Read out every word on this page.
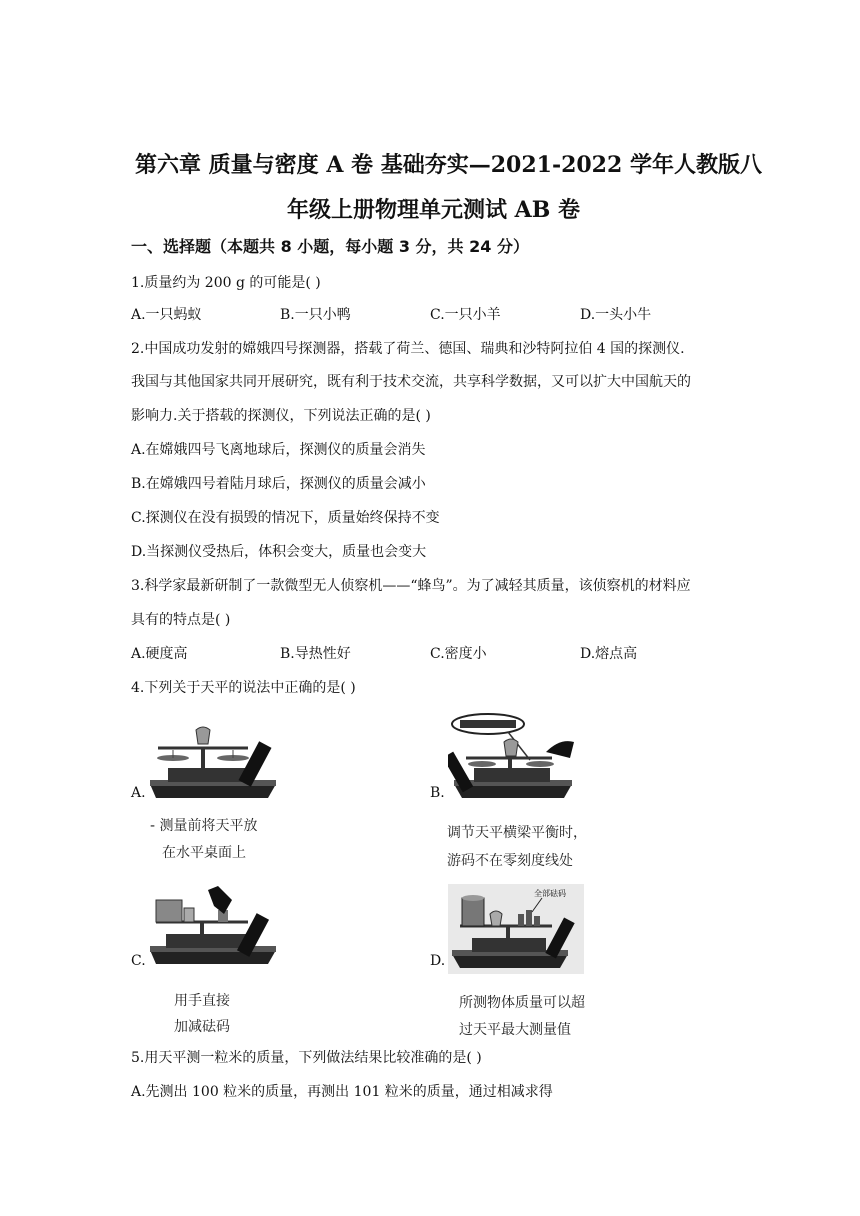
第六章 质量与密度 A 卷 基础夯实—2021-2022 学年人教版八
年级上册物理单元测试 AB 卷
一、选择题（本题共 8 小题，每小题 3 分，共 24 分）
1.质量约为 200 g 的可能是( )
A.一只蚂蚁	B.一只小鸭	C.一只小羊	D.一头小牛
2.中国成功发射的嫦娥四号探测器，搭载了荷兰、德国、瑞典和沙特阿拉伯 4 国的探测仪.
我国与其他国家共同开展研究，既有利于技术交流，共享科学数据，又可以扩大中国航天的
影响力.关于搭载的探测仪，下列说法正确的是( )
A.在嫦娥四号飞离地球后，探测仪的质量会消失
B.在嫦娥四号着陆月球后，探测仪的质量会减小
C.探测仪在没有损毁的情况下，质量始终保持不变
D.当探测仪受热后，体积会变大，质量也会变大
3.科学家最新研制了一款微型无人侦察机——“蜂鸟”。为了减轻其质量，该侦察机的材料应
具有的特点是( )
A.硬度高	B.导热性好	C.密度小	D.熔点高
4.下列关于天平的说法中正确的是( )
A.
- 测量前将天平放
在水平桌面上
B.
调节天平横梁平衡时，
游码不在零刻度线处
C.
用手直接
加减砝码
D.
全部砝码
所测物体质量可以超
过天平最大测量值
5.用天平测一粒米的质量，下列做法结果比较准确的是( )
A.先测出 100 粒米的质量，再测出 101 粒米的质量，通过相减求得
